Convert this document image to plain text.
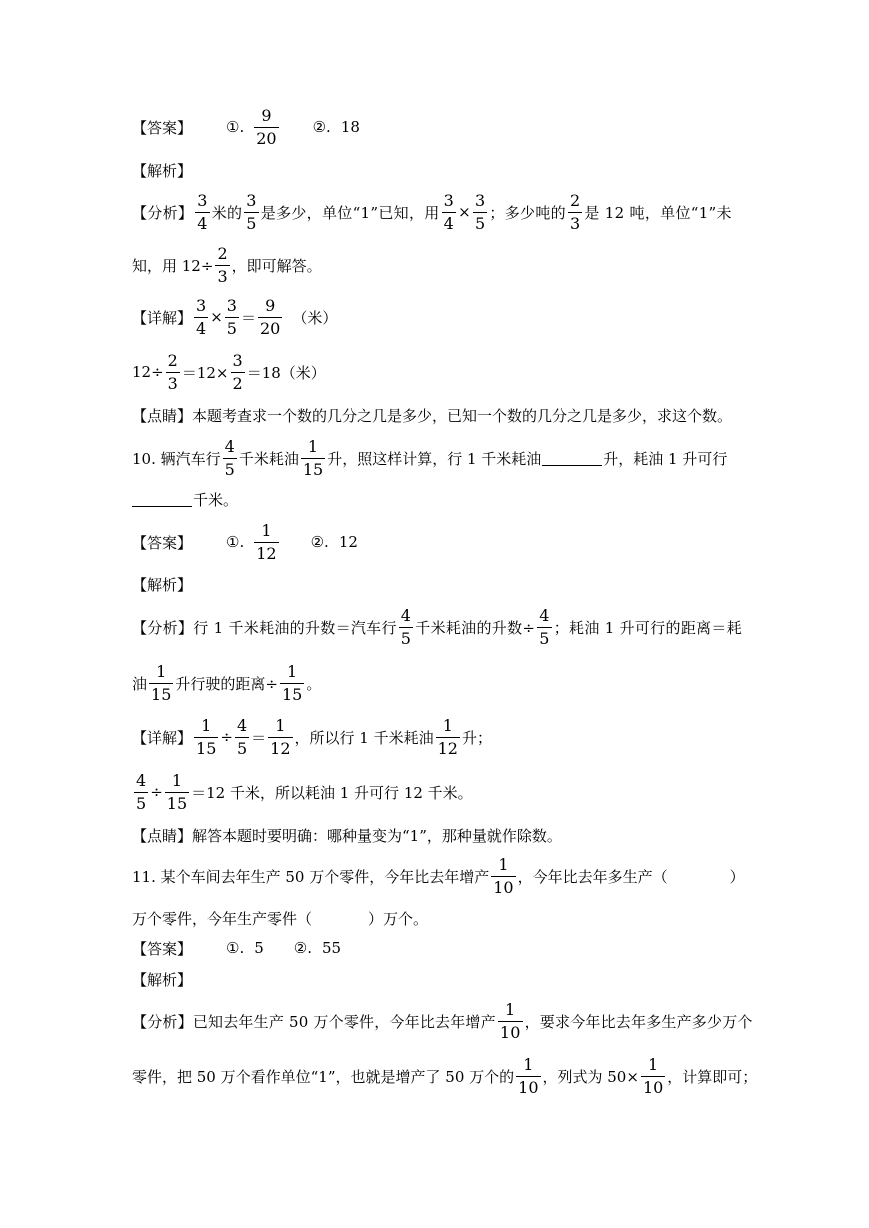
【答案】 ①. $\frac{9}{20}$ ②. 18
【解析】
【分析】 $\frac{3}{4}$ 米的 $\frac{3}{5}$ 是多少，单位“1”已知，用 $\frac{3}{4} \times \frac{3}{5}$ ；多少吨的 $\frac{2}{3}$ 是 12 吨，单位“1”未
知，用 $12\div \frac{2}{3}$ ，即可解答。
【详解】 $\frac{3}{4} \times \frac{3}{5} = \frac{9}{20}$ （米）
$12\div \frac{2}{3} =12\times \frac{3}{2} =18$（米）
【点睛】本题考查求一个数的几分之几是多少，已知一个数的几分之几是多少，求这个数。
10. 辆汽车行 $\frac{4}{5}$ 千米耗油 $\frac{1}{15}$ 升，照这样计算，行 1 千米耗油	升，耗油 1 升可行
千米。
【答案】 ①. $\frac{1}{12}$ ②. 12
【解析】
【分析】 行 1 千米耗油的升数＝汽车行 $\frac{4}{5}$ 千米耗油的升数÷ $\frac{4}{5}$ ；耗油 1 升可行的距离＝耗
油 $\frac{1}{15}$ 升行驶的距离÷ $\frac{1}{15}$ 。
【详解】 $\frac{1}{15} \div \frac{4}{5} = \frac{1}{12}$ ，所以行 1 千米耗油 $\frac{1}{12}$ 升；
$\frac{4}{5} \div \frac{1}{15} =12$ 千米，所以耗油 1 升可行 12 千米。
【点睛】解答本题时要明确：哪种量变为“1”，那种量就作除数。
11. 某个车间去年生产 50 万个零件，今年比去年增产 $\frac{1}{10}$ ，今年比去年多生产（	）
万个零件，今年生产零件（	）万个。
【答案】 ①. 5 ②. 55
【解析】
【分析】 已知去年生产 50 万个零件，今年比去年增产 $\frac{1}{10}$ ，要求今年比去年多生产多少万个
零件，把 50 万个看作单位“1”，也就是增产了 50 万个的 $\frac{1}{10}$ ，列式为 $50\times \frac{1}{10}$ ，计算即可；
